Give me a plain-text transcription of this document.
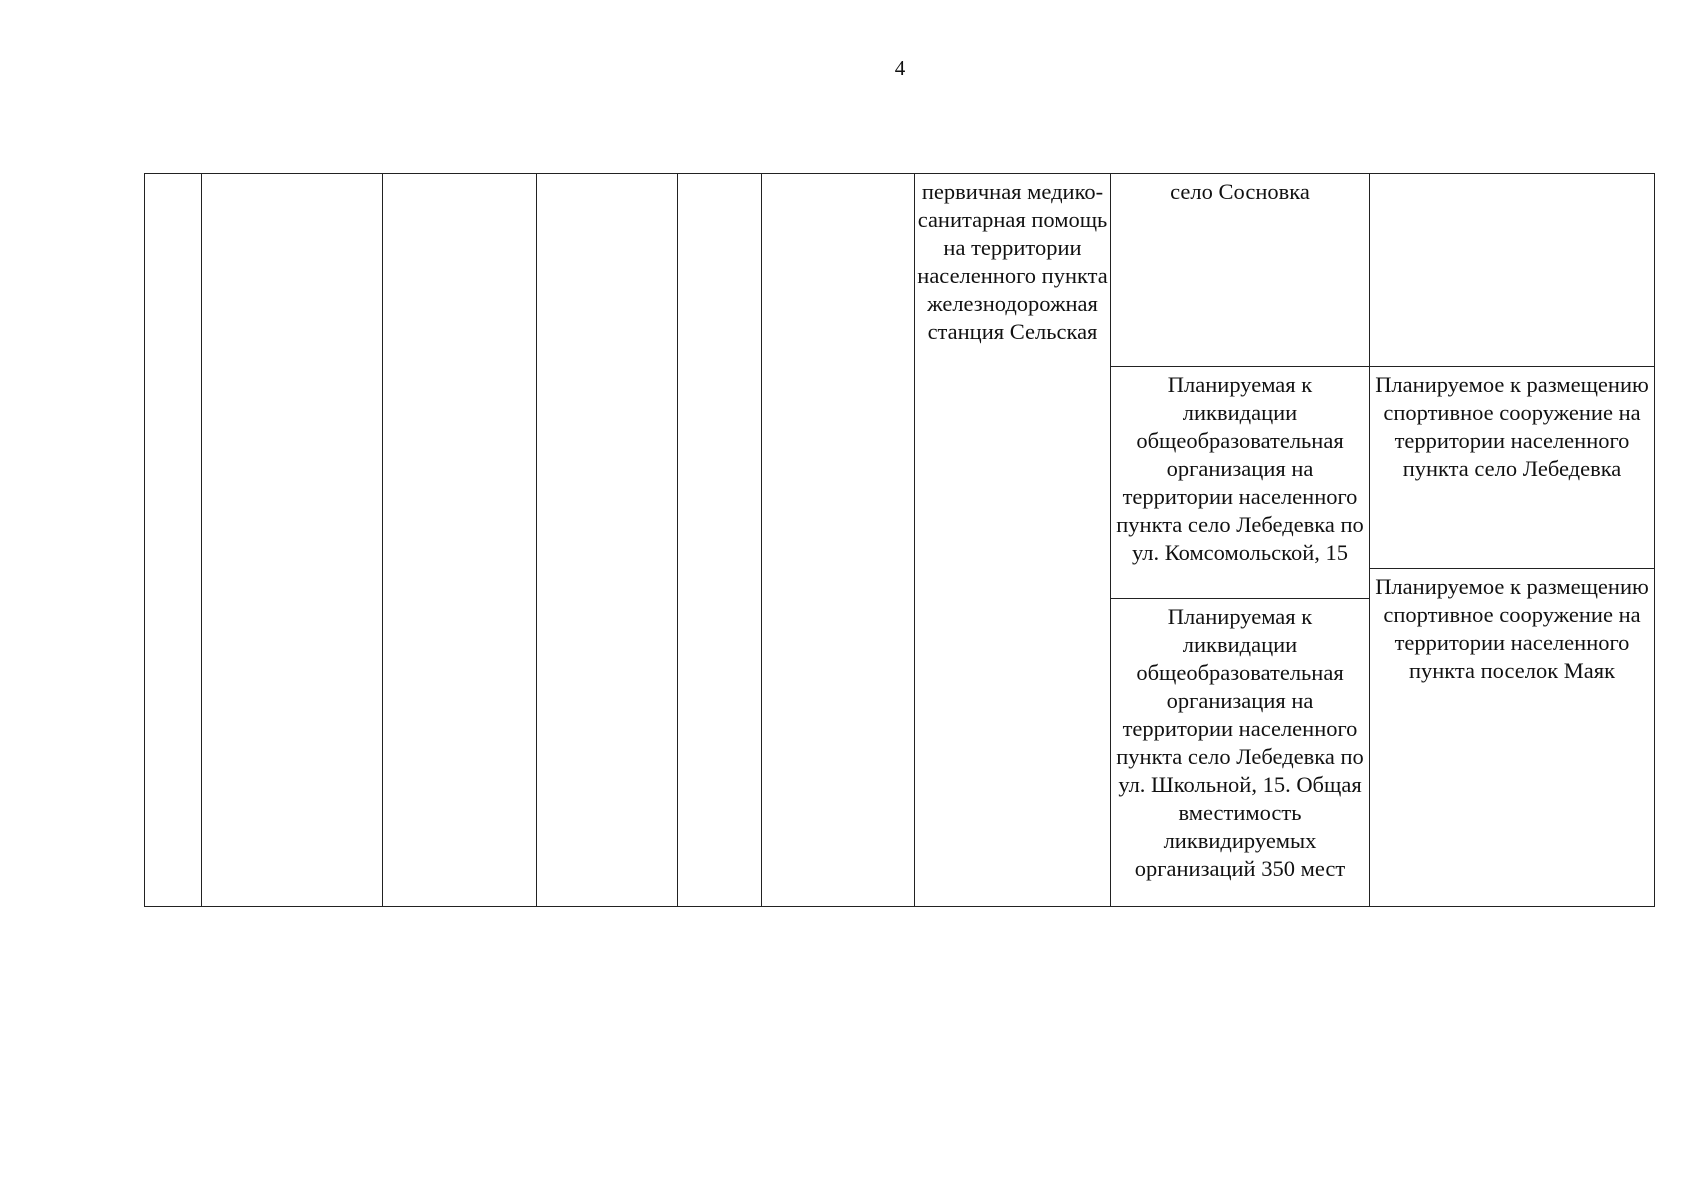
4

						первичная медико-санитарная помощь на территории населенного пункта железнодорожная станция Сельская	село Сосновка	

							Планируемая к ликвидации общеобразовательная организация на территории населенного пункта село Лебедевка по ул. Комсомольской, 15	Планируемое к размещению спортивное сооружение на территории населенного пункта село Лебедевка

								Планируемое к размещению спортивное сооружение на территории населенного пункта поселок Маяк

							Планируемая к ликвидации общеобразовательная организация на территории населенного пункта село Лебедевка по ул. Школьной, 15. Общая вместимость ликвидируемых организаций 350 мест	
